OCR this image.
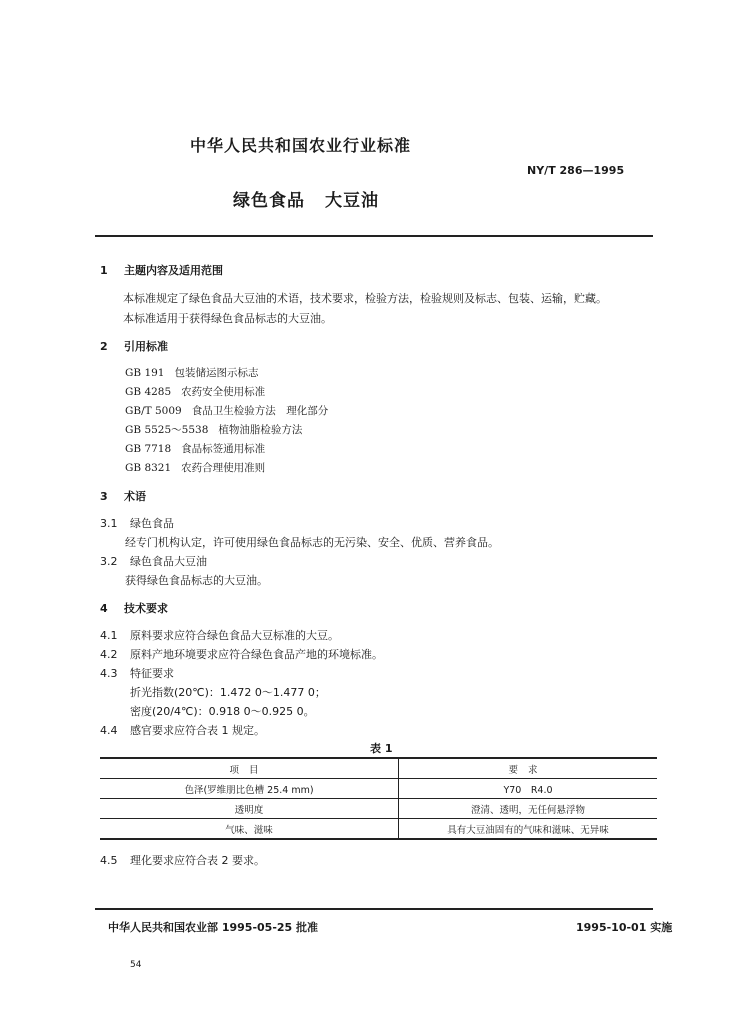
中华人民共和国农业行业标准
NY/T 286—1995
绿色食品 大豆油
1 主题内容及适用范围
本标准规定了绿色食品大豆油的术语，技术要求，检验方法，检验规则及标志、包装、运输，贮藏。
本标准适用于获得绿色食品标志的大豆油。
2 引用标准
GB 191 包装储运图示标志
GB 4285 农药安全使用标准
GB/T 5009 食品卫生检验方法　理化部分
GB 5525～5538 植物油脂检验方法
GB 7718 食品标签通用标准
GB 8321 农药合理使用准则
3 术语
3.1 绿色食品
经专门机构认定，许可使用绿色食品标志的无污染、安全、优质、营养食品。
3.2 绿色食品大豆油
获得绿色食品标志的大豆油。
4 技术要求
4.1 原料要求应符合绿色食品大豆标准的大豆。
4.2 原料产地环境要求应符合绿色食品产地的环境标准。
4.3 特征要求
折光指数(20℃)：1.472 0～1.477 0；
密度(20/4℃)：0.918 0～0.925 0。
4.4 感官要求应符合表 1 规定。
表 1
项目	要求
色泽(罗维朋比色槽 25.4 mm)	Y70　R4.0
透明度	澄清、透明，无任何悬浮物
气味、滋味	具有大豆油固有的气味和滋味、无异味
4.5 理化要求应符合表 2 要求。
中华人民共和国农业部 1995-05-25 批准	1995-10-01 实施
54
